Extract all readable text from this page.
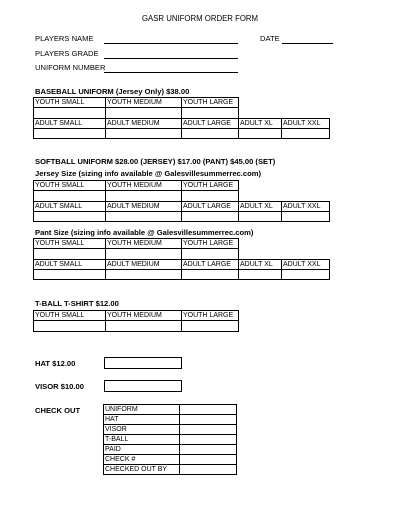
GASR UNIFORM ORDER FORM
PLAYERS NAME	DATE
PLAYERS GRADE
UNIFORM NUMBER
BASEBALL UNIFORM (Jersey Only) $38.00
YOUTH SMALL	YOUTH MEDIUM	YOUTH LARGE		

ADULT SMALL	ADULT MEDIUM	ADULT LARGE	ADULT XL	ADULT XXL

SOFTBALL UNIFORM $28.00 (JERSEY) $17.00 (PANT) $45.00 (SET)
Jersey Size (sizing info available @ Galesvillesummerrec.com)
YOUTH SMALL	YOUTH MEDIUM	YOUTH LARGE		

ADULT SMALL	ADULT MEDIUM	ADULT LARGE	ADULT XL	ADULT XXL

Pant Size (sizing info available @ Galesvillesummerrec.com)
YOUTH SMALL	YOUTH MEDIUM	YOUTH LARGE		

ADULT SMALL	ADULT MEDIUM	ADULT LARGE	ADULT XL	ADULT XXL

T-BALL T-SHIRT $12.00
YOUTH SMALL	YOUTH MEDIUM	YOUTH LARGE

HAT $12.00
VISOR $10.00
CHECK OUT	UNIFORM	
HAT	
VISOR	
T-BALL	
PAID	
CHECK #	
CHECKED OUT BY	
